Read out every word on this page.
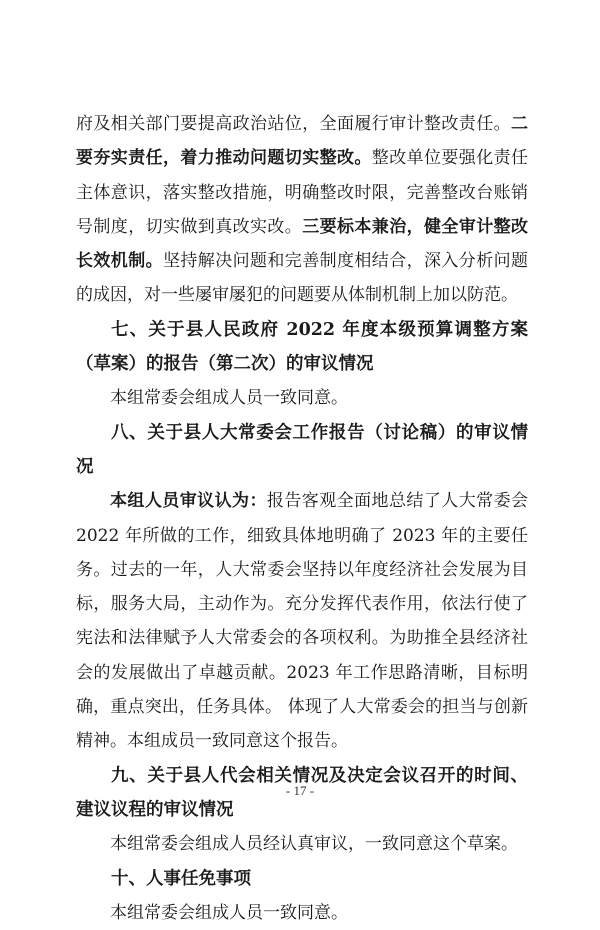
府及相关部门要提高政治站位，全面履行审计整改责任。二要夯实责任，着力推动问题切实整改。整改单位要强化责任主体意识，落实整改措施，明确整改时限，完善整改台账销号制度，切实做到真改实改。三要标本兼治，健全审计整改长效机制。坚持解决问题和完善制度相结合，深入分析问题的成因，对一些屡审屡犯的问题要从体制机制上加以防范。

七、关于县人民政府 2022 年度本级预算调整方案（草案）的报告（第二次）的审议情况

本组常委会组成人员一致同意。

八、关于县人大常委会工作报告（讨论稿）的审议情况

本组人员审议认为：报告客观全面地总结了人大常委会 2022 年所做的工作，细致具体地明确了 2023 年的主要任务。过去的一年，人大常委会坚持以年度经济社会发展为目标，服务大局，主动作为。充分发挥代表作用，依法行使了宪法和法律赋予人大常委会的各项权利。为助推全县经济社会的发展做出了卓越贡献。2023 年工作思路清晰，目标明确，重点突出，任务具体。 体现了人大常委会的担当与创新精神。本组成员一致同意这个报告。

九、关于县人代会相关情况及决定会议召开的时间、建议议程的审议情况

本组常委会组成人员经认真审议，一致同意这个草案。

十、人事任免事项

本组常委会组成人员一致同意。

- 17 -
